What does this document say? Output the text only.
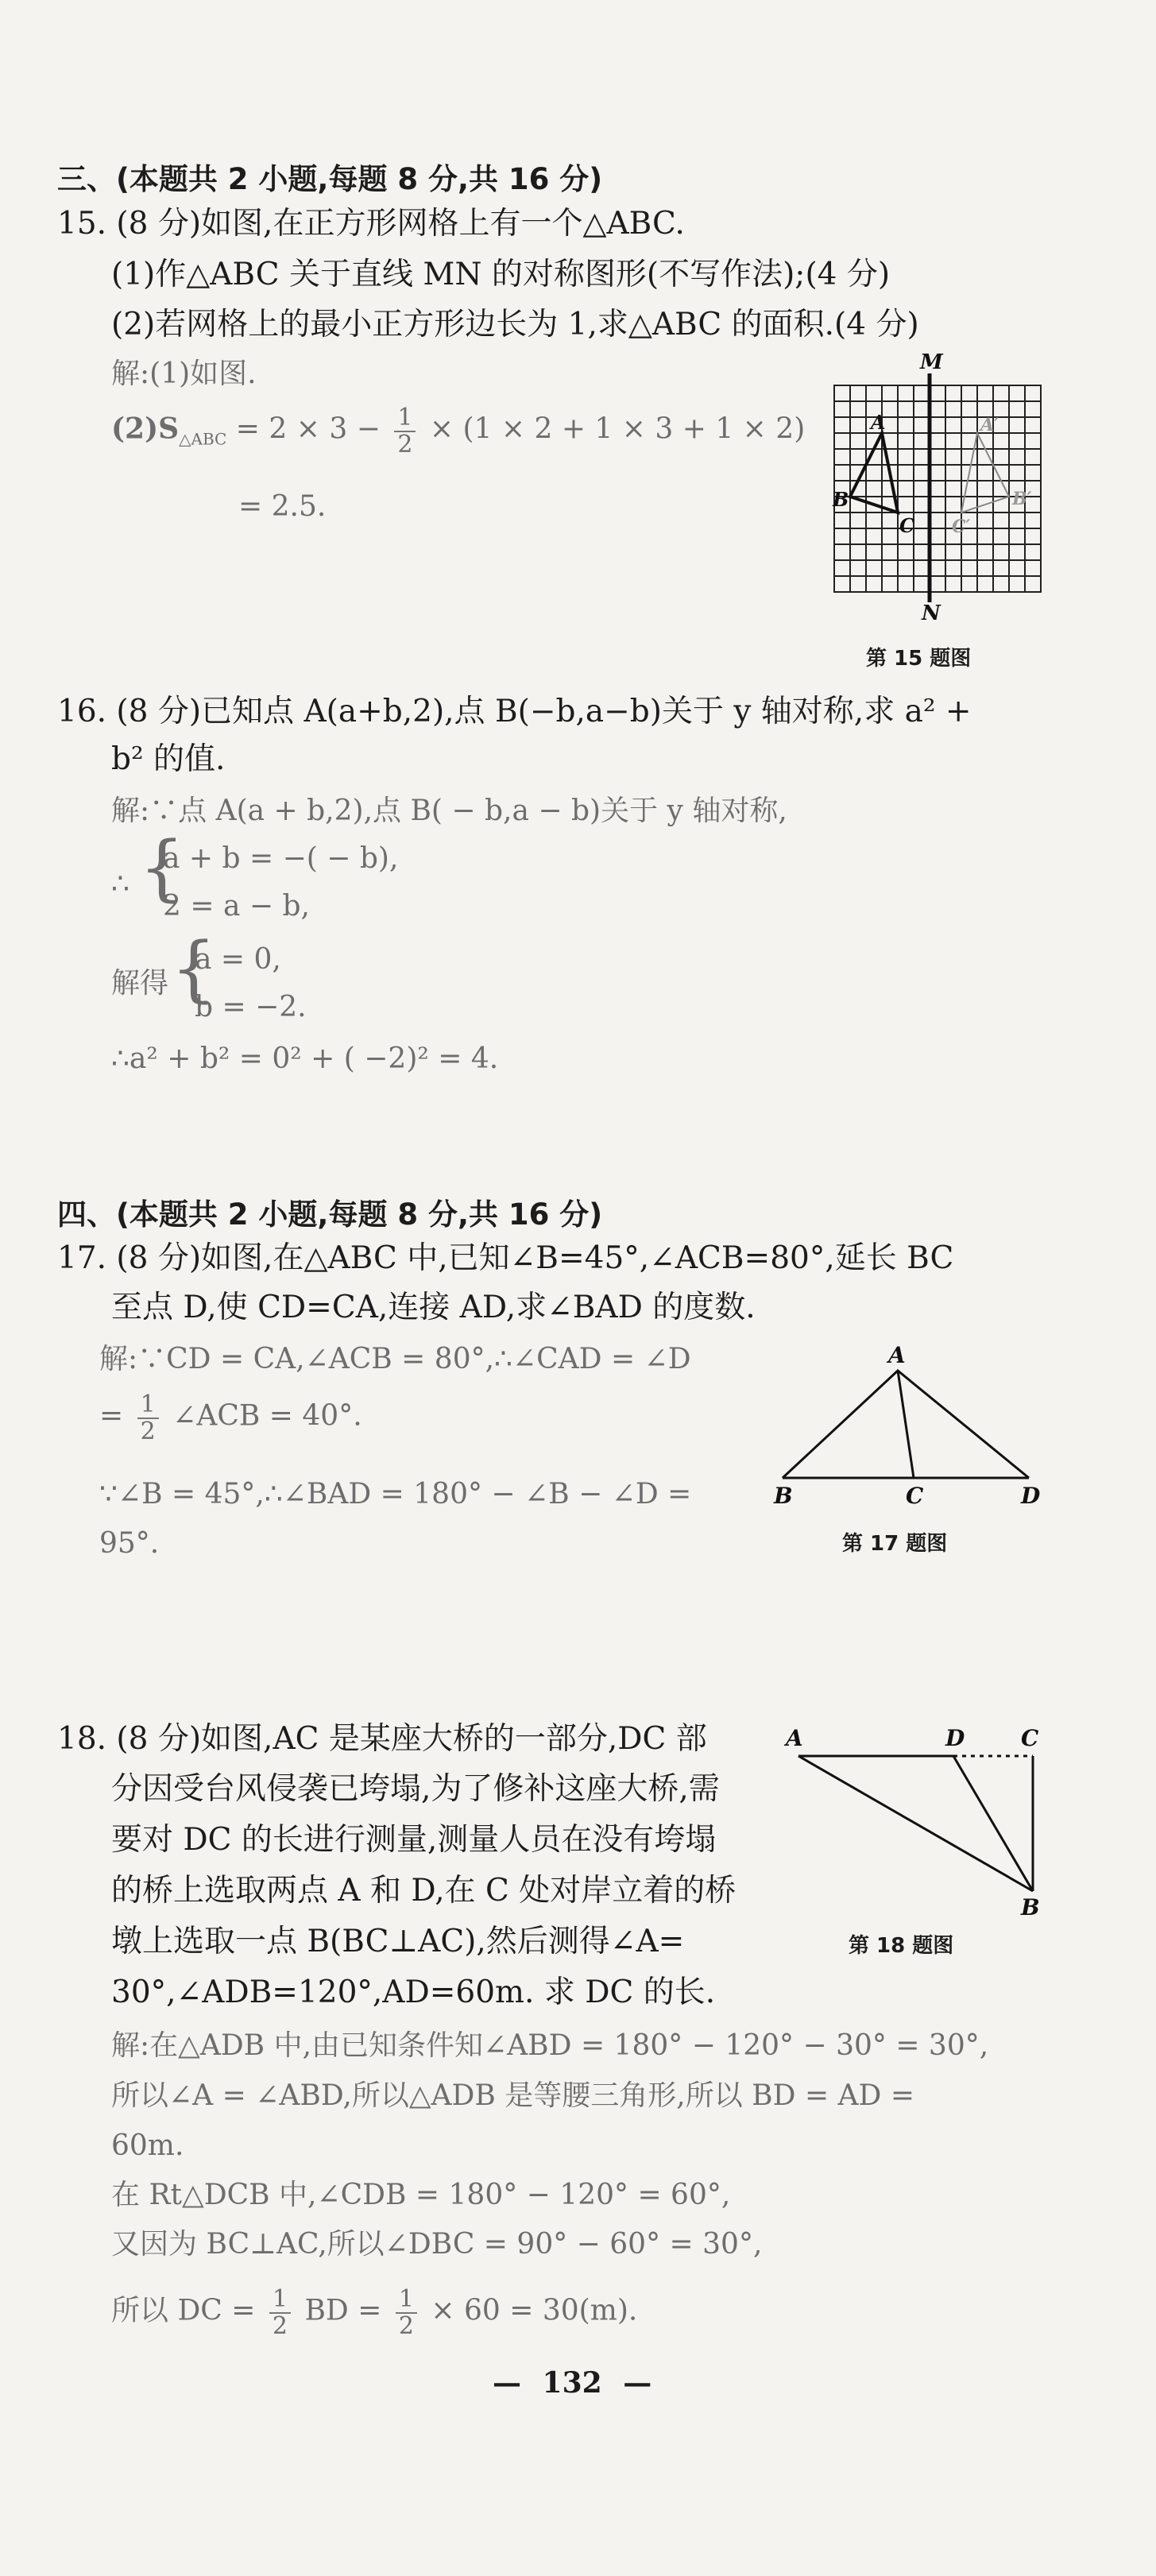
三、(本题共 2 小题,每题 8 分,共 16 分)
15. (8 分)如图,在正方形网格上有一个△ABC.
(1)作△ABC 关于直线 MN 的对称图形(不写作法);(4 分)
(2)若网格上的最小正方形边长为 1,求△ABC 的面积.(4 分)
解:(1)如图.
$(2)S_{\triangle ABC} = 2 \times 3 - \frac{1}{2} \times (1 \times 2 + 1 \times 3 + 1 \times 2)$
= 2.5.
M
N
A
B
C
A′
B′
C′
第 15 题图
16. (8 分)已知点 A(a+b,2),点 B(−b,a−b)关于 y 轴对称,求 a² +
b² 的值.
解:∵点 A(a + b,2),点 B( − b,a − b)关于 y 轴对称,
∴ {
a + b = −( − b),
2 = a − b,
解得 {
a = 0,
b = −2.
∴a² + b² = 0² + ( −2)² = 4.
四、(本题共 2 小题,每题 8 分,共 16 分)
17. (8 分)如图,在△ABC 中,已知∠B=45°,∠ACB=80°,延长 BC
至点 D,使 CD=CA,连接 AD,求∠BAD 的度数.
解:∵CD = CA,∠ACB = 80°,∴∠CAD = ∠D
= $\frac{1}{2}$ ∠ACB = 40°.
∵∠B = 45°,∴∠BAD = 180° − ∠B − ∠D =
95°.
A
B	C	D
第 17 题图
18. (8 分)如图,AC 是某座大桥的一部分,DC 部
分因受台风侵袭已垮塌,为了修补这座大桥,需
要对 DC 的长进行测量,测量人员在没有垮塌
的桥上选取两点 A 和 D,在 C 处对岸立着的桥
墩上选取一点 B(BC⊥AC),然后测得∠A=
30°,∠ADB=120°,AD=60m. 求 DC 的长.
A	D	C
B
第 18 题图
解:在△ADB 中,由已知条件知∠ABD = 180° − 120° − 30° = 30°,
所以∠A = ∠ABD,所以△ADB 是等腰三角形,所以 BD = AD =
60m.
在 Rt△DCB 中,∠CDB = 180° − 120° = 60°,
又因为 BC⊥AC,所以∠DBC = 90° − 60° = 30°,
所以 DC = $\frac{1}{2}$ BD = $\frac{1}{2} \times 60 = 30(m)$.
— 132 —
